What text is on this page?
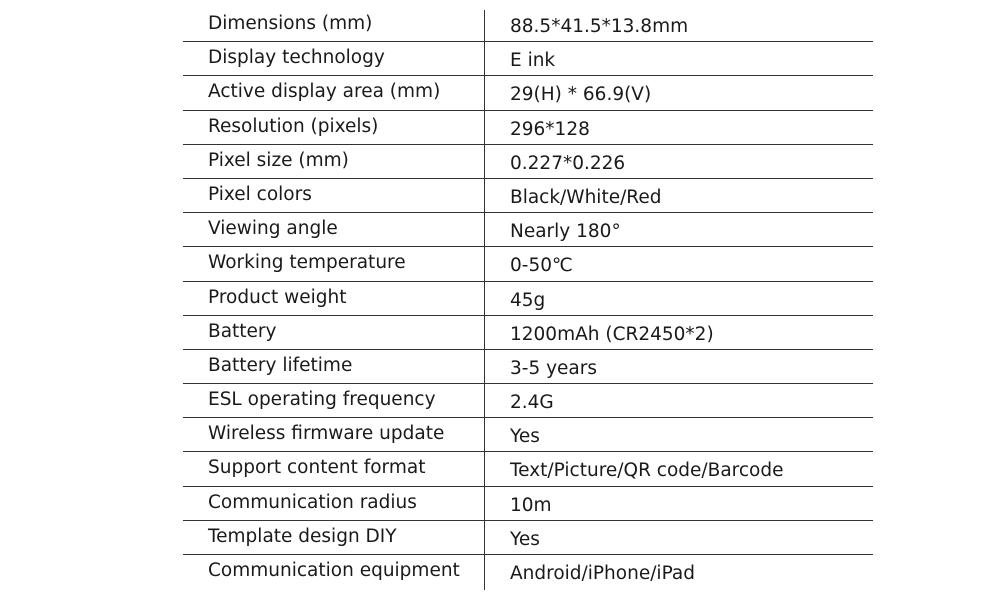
Dimensions (mm)	88.5*41.5*13.8mm
Display technology	E ink
Active display area (mm)	29(H) * 66.9(V)
Resolution (pixels)	296*128
Pixel size (mm)	0.227*0.226
Pixel colors	Black/White/Red
Viewing angle	Nearly 180°
Working temperature	0-50℃
Product weight	45g
Battery	1200mAh (CR2450*2)
Battery lifetime	3-5 years
ESL operating frequency	2.4G
Wireless firmware update	Yes
Support content format	Text/Picture/QR code/Barcode
Communication radius	10m
Template design DIY	Yes
Communication equipment	Android/iPhone/iPad
